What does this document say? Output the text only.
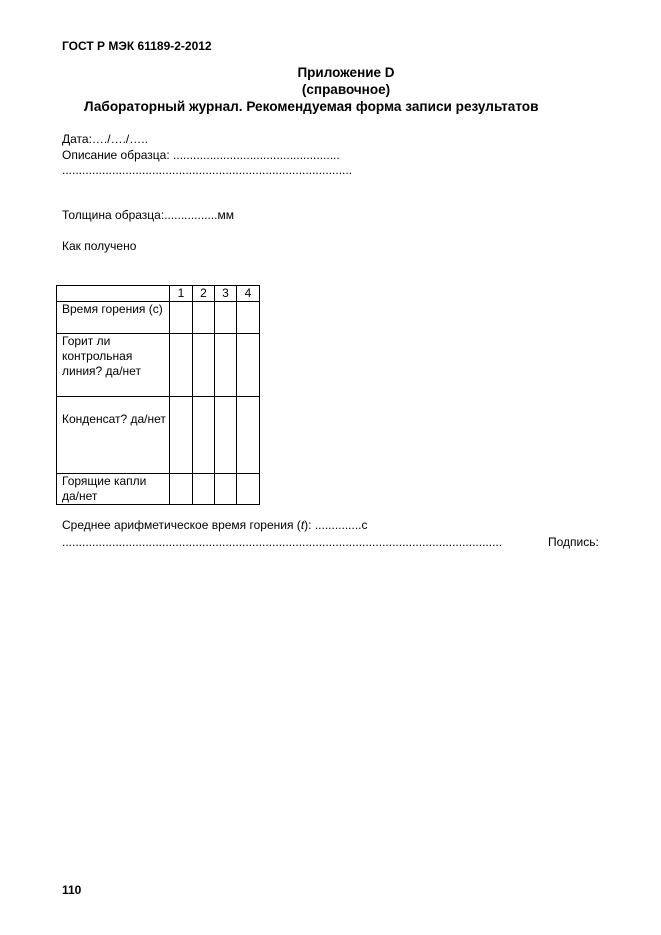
ГОСТ Р МЭК 61189-2-2012
Приложение D
(справочное)
Лабораторный журнал. Рекомендуемая форма записи результатов
Дата:…./…./…..
Описание образца: ..................................................
.......................................................................................
Толщина образца:................мм
Как получено
	1	2	3	4
Время горения (с)				
Горит ли контрольная линия? да/нет				
Конденсат? да/нет				
Горящие капли да/нет				
Среднее арифметическое время горения (t): ..............с
....................................................................................................................................	Подпись:
110
